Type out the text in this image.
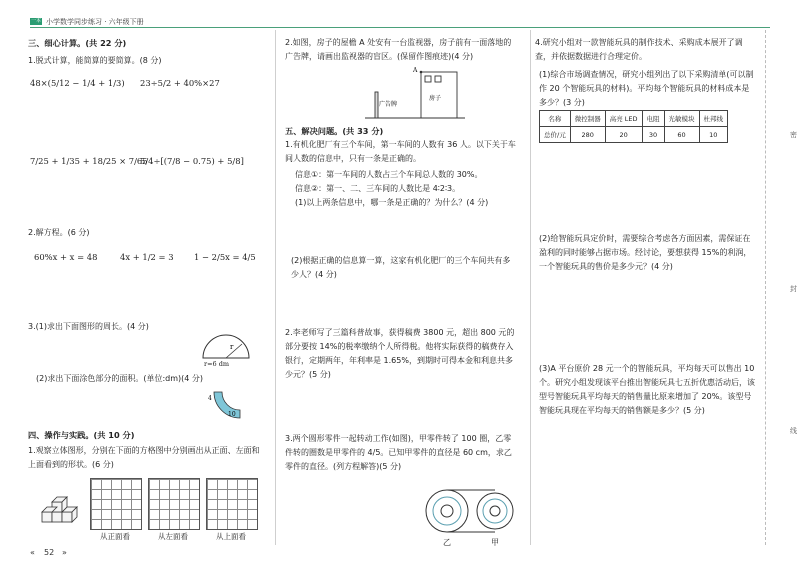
一本 小学数学同步练习 · 六年级下册
三、细心计算。(共 22 分)
1.脱式计算，能简算的要简算。(8 分)
48×(5/12 − 1/4 + 1/3) 23÷5/2 + 40%×27
7/25 + 1/35 + 18/25 × 7/65
5/4÷[(7/8 − 0.75) + 5/8]
2.解方程。(6 分)
60%x + x = 48	4x + 1/2 = 3 1 − 2/5x = 4/5
3.(1)求出下面图形的周长。(4 分)
r
r=6 dm
(2)求出下面涂色部分的面积。(单位:dm)(4 分)
4
10
四、操作与实践。(共 10 分)
1.观察立体图形，分别在下面的方格图中分别画出从正面、左面和上面看到的形状。(6 分)
从正面看	从左面看	从上面看
2.如图，房子的屋檐 A 处安有一台监视器，房子前有一面落地的广告牌，请画出监视器的盲区。(保留作图痕迹)(4 分)
A
广告牌
房子
五、解决问题。(共 33 分)
1.有机化肥厂有三个车间，第一车间的人数有 36 人。以下关于车间人数的信息中，只有一条是正确的。
信息①：第一车间的人数占三个车间总人数的 30%。
信息②：第一、二、三车间的人数比是 4∶2∶3。
(1)以上两条信息中，哪一条是正确的？为什么？(4 分)
(2)根据正确的信息算一算，这家有机化肥厂的三个车间共有多少人？(4 分)
2.李老师写了三篇科普故事，获得稿费 3800 元，超出 800 元的部分要按 14%的税率缴纳个人所得税。他将实际获得的稿费存入银行，定期两年，年利率是 1.65%，到期时可得本金和利息共多少元？(5 分)
3.两个圆形零件一起转动工作(如图)，甲零件转了 100 圈，乙零件转的圈数是甲零件的 4/5。已知甲零件的直径是 60 cm，求乙零件的直径。(列方程解答)(5 分)
乙	甲
4.研究小组对一款智能玩具的制作技术、采购成本展开了调查，并依据数据进行合理定价。
(1)综合市场调查情况，研究小组列出了以下采购清单(可以制作 20 个智能玩具的材料)。平均每个智能玩具的材料成本是多少？(3 分)
名称	微控制器	高亮 LED	电阻	光敏模块	杜邦线
总价/元	280	20	30	60	10
(2)给智能玩具定价时，需要综合考虑各方面因素，需保证在盈利的同时能够占据市场。经讨论，要想获得 15%的利润，一个智能玩具的售价是多少元？(4 分)
(3)A 平台原价 28 元一个的智能玩具，平均每天可以售出 10 个。研究小组发现该平台推出智能玩具七五折优惠活动后，该型号智能玩具平均每天的销售量比原来增加了 20%。该型号智能玩具现在平均每天的销售额是多少？(5 分)
密
封
线
« 52 »
